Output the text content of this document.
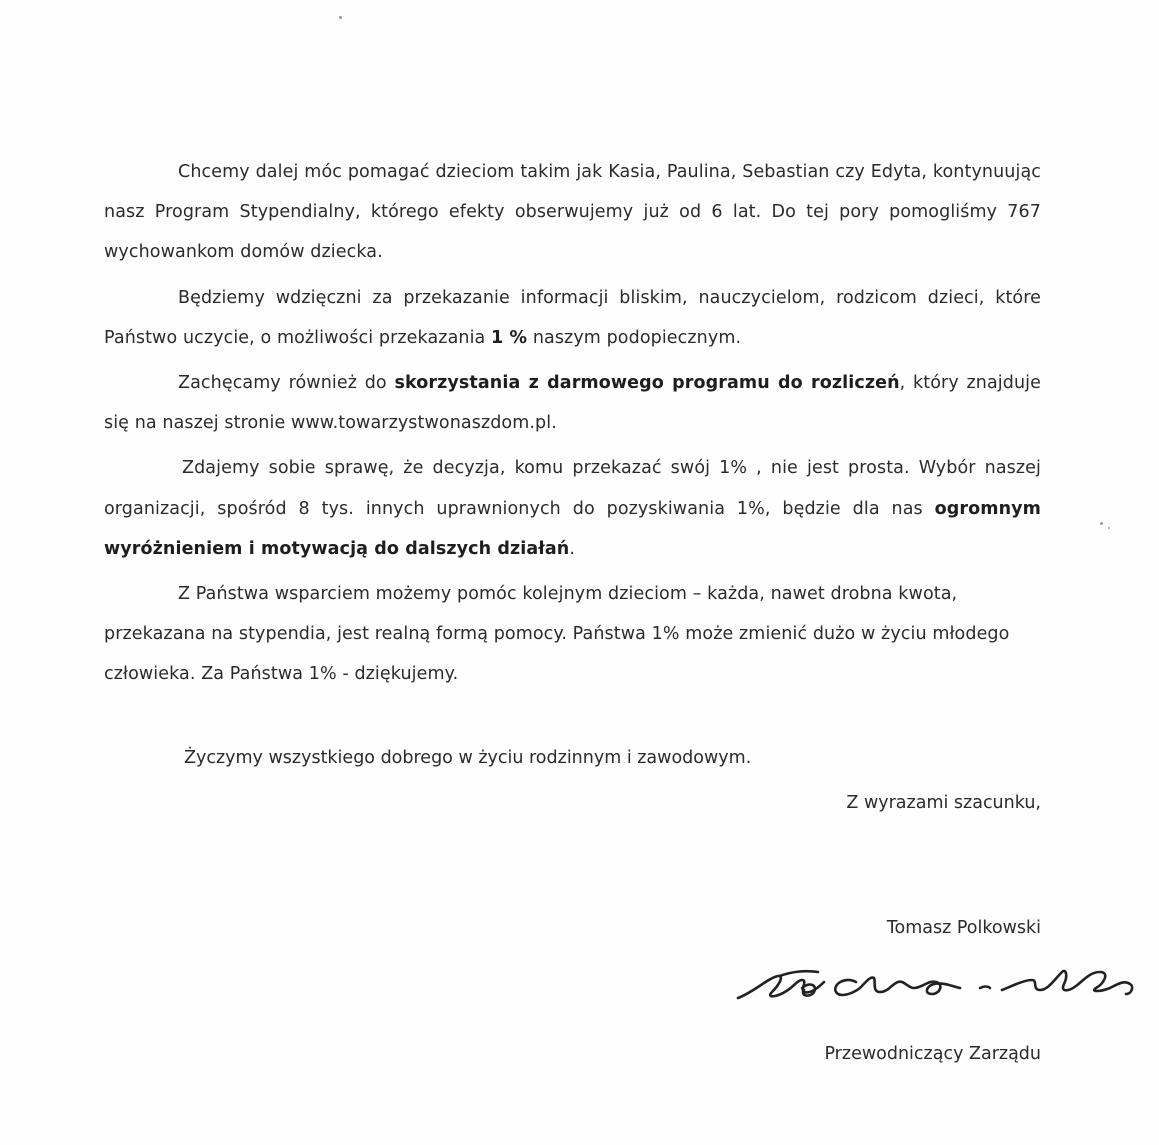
Chcemy dalej móc pomagać dzieciom takim jak Kasia, Paulina, Sebastian czy Edyta, kontynuując nasz Program Stypendialny, którego efekty obserwujemy już od 6 lat. Do tej pory pomogliśmy 767 wychowankom domów dziecka.

Będziemy wdzięczni za przekazanie informacji bliskim, nauczycielom, rodzicom dzieci, które Państwo uczycie, o możliwości przekazania 1 % naszym podopiecznym.

Zachęcamy również do skorzystania z darmowego programu do rozliczeń, który znajduje się na naszej stronie www.towarzystwonaszdom.pl.

Zdajemy sobie sprawę, że decyzja, komu przekazać swój 1% , nie jest prosta. Wybór naszej organizacji, spośród 8 tys. innych uprawnionych do pozyskiwania 1%, będzie dla nas ogromnym wyróżnieniem i motywacją do dalszych działań.

Z Państwa wsparciem możemy pomóc kolejnym dzieciom – każda, nawet drobna kwota, przekazana na stypendia, jest realną formą pomocy. Państwa 1% może zmienić dużo w życiu młodego człowieka. Za Państwa 1% - dziękujemy.

Życzymy wszystkiego dobrego w życiu rodzinnym i zawodowym.
Z wyrazami szacunku,
Tomasz Polkowski
Przewodniczący Zarządu
